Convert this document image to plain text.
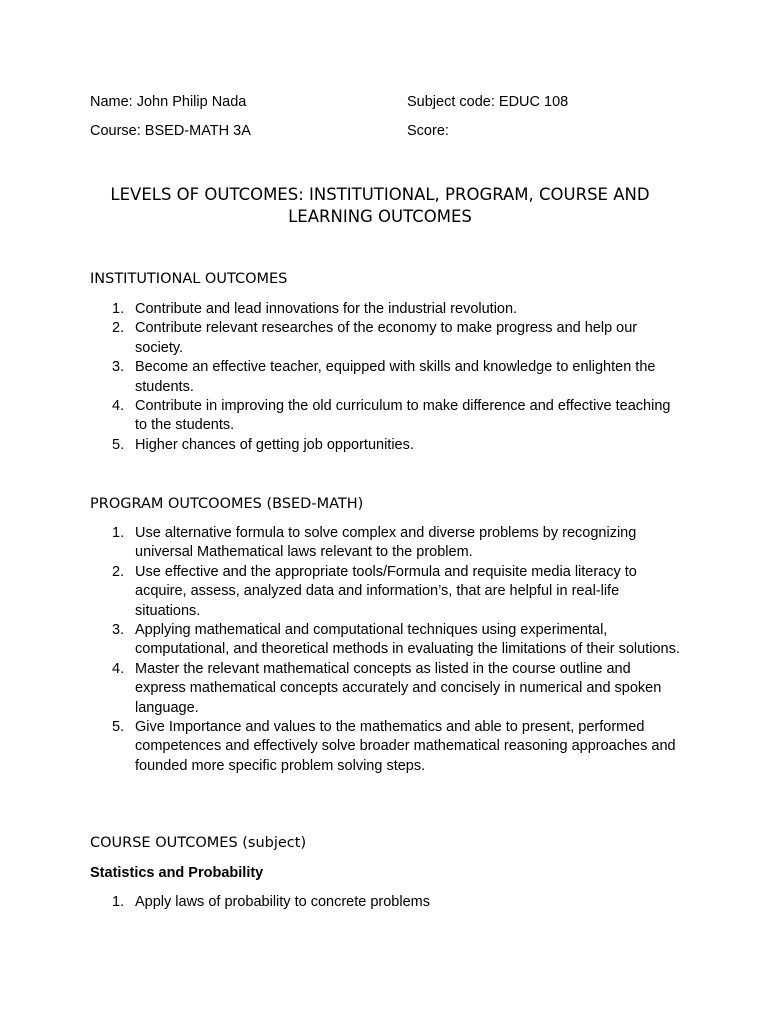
Name: John Philip Nada	Subject code: EDUC 108
Course: BSED-MATH 3A	Score:
LEVELS OF OUTCOMES: INSTITUTIONAL, PROGRAM, COURSE AND LEARNING OUTCOMES
INSTITUTIONAL OUTCOMES
1. Contribute and lead innovations for the industrial revolution.
2. Contribute relevant researches of the economy to make progress and help our society.
3. Become an effective teacher, equipped with skills and knowledge to enlighten the students.
4. Contribute in improving the old curriculum to make difference and effective teaching to the students.
5. Higher chances of getting job opportunities.
PROGRAM OUTCOOMES (BSED-MATH)
1. Use alternative formula to solve complex and diverse problems by recognizing universal Mathematical laws relevant to the problem.
2. Use effective and the appropriate tools/Formula and requisite media literacy to acquire, assess, analyzed data and information’s, that are helpful in real-life situations.
3. Applying mathematical and computational techniques using experimental, computational, and theoretical methods in evaluating the limitations of their solutions.
4. Master the relevant mathematical concepts as listed in the course outline and express mathematical concepts accurately and concisely in numerical and spoken language.
5. Give Importance and values to the mathematics and able to present, performed competences and effectively solve broader mathematical reasoning approaches and founded more specific problem solving steps.
COURSE OUTCOMES (subject)
Statistics and Probability
1. Apply laws of probability to concrete problems
